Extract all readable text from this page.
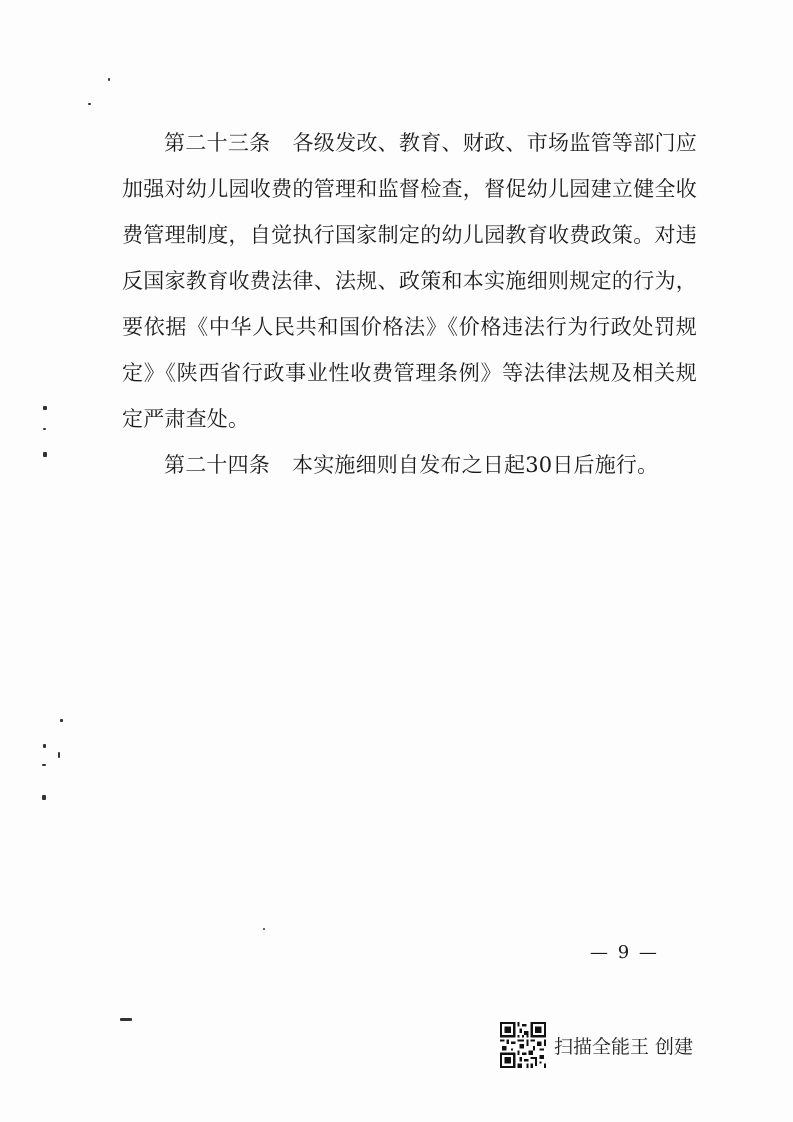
第二十三条 各级发改、教育、财政、市场监管等部门应加强对幼儿园收费的管理和监督检查，督促幼儿园建立健全收费管理制度，自觉执行国家制定的幼儿园教育收费政策。对违反国家教育收费法律、法规、政策和本实施细则规定的行为，要依据《中华人民共和国价格法》《价格违法行为行政处罚规定》《陕西省行政事业性收费管理条例》等法律法规及相关规定严肃查处。

第二十四条 本实施细则自发布之日起30日后施行。

— 9 —
扫描全能王 创建
